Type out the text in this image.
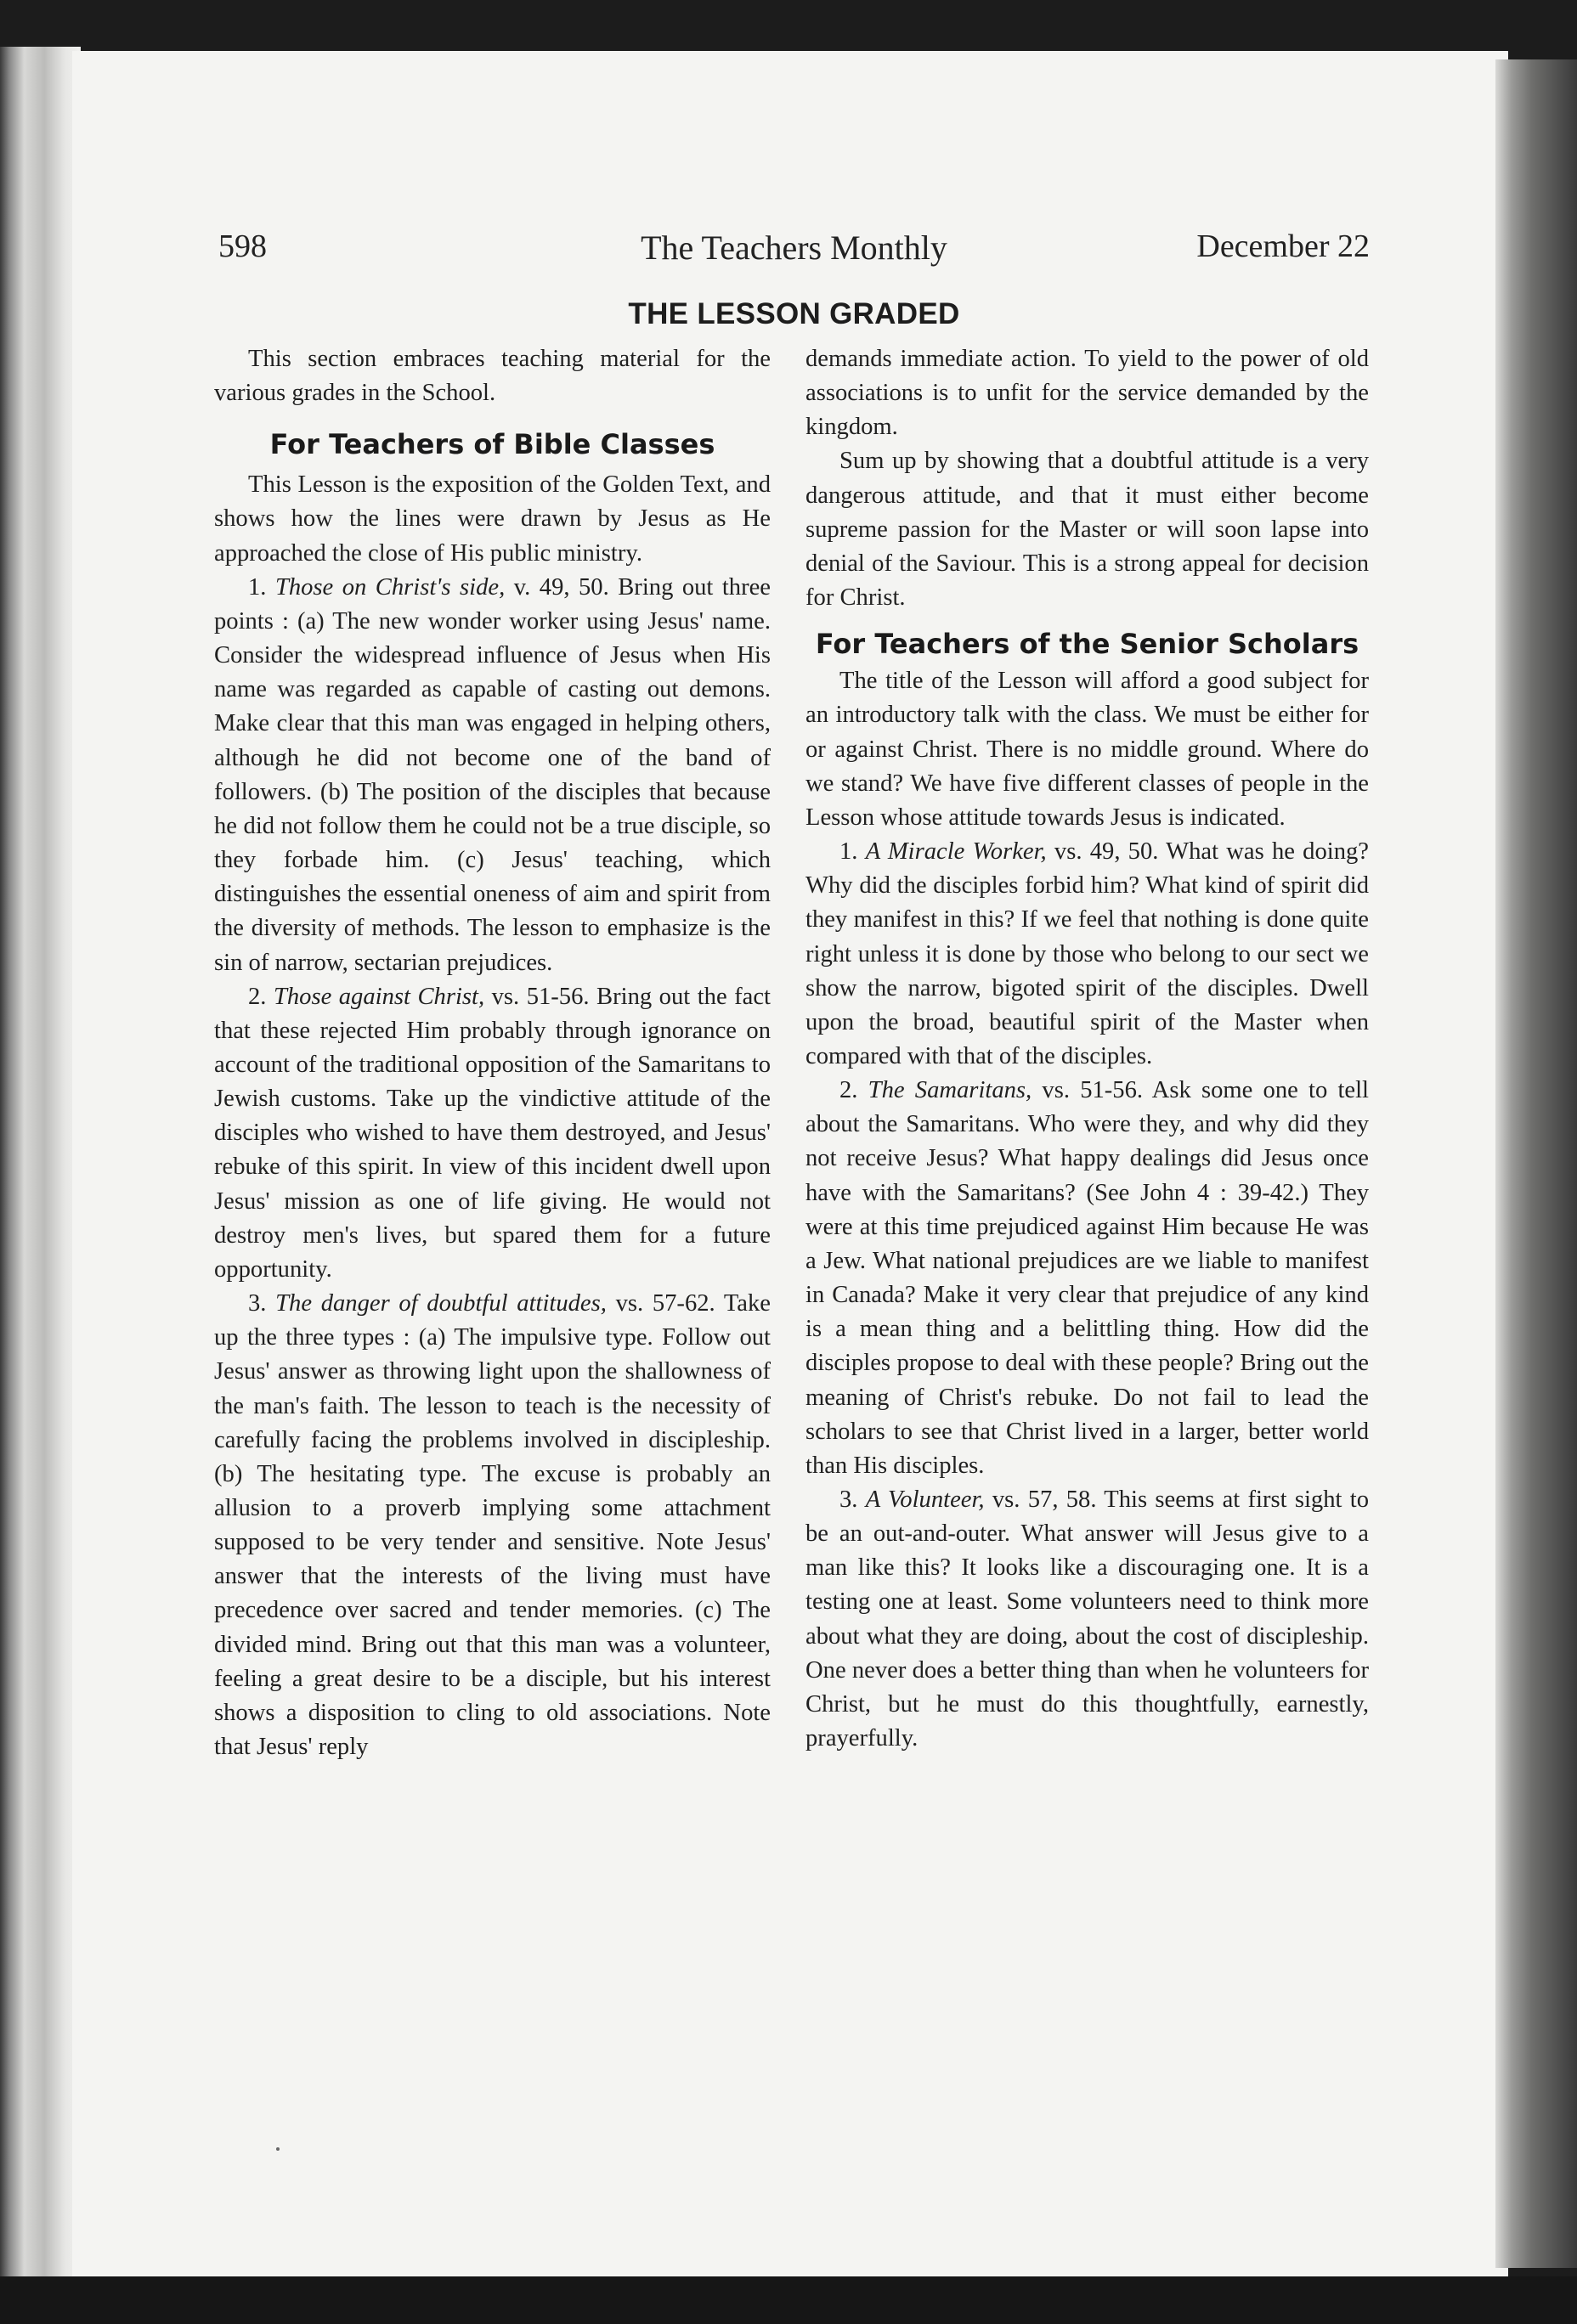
598	The Teachers Monthly	December 22
THE LESSON GRADED

This section embraces teaching material for the various grades in the School.

For Teachers of Bible Classes

This Lesson is the exposition of the Golden Text, and shows how the lines were drawn by Jesus as He approached the close of His public ministry.

1. Those on Christ's side, v. 49, 50. Bring out three points : (a) The new wonder worker using Jesus' name. Consider the widespread influence of Jesus when His name was regarded as capable of casting out demons. Make clear that this man was engaged in helping others, although he did not become one of the band of followers. (b) The position of the disciples that because he did not follow them he could not be a true disciple, so they forbade him. (c) Jesus' teaching, which distinguishes the essential oneness of aim and spirit from the diversity of methods. The lesson to emphasize is the sin of narrow, sectarian prejudices.

2. Those against Christ, vs. 51-56. Bring out the fact that these rejected Him probably through ignorance on account of the traditional opposition of the Samaritans to Jewish customs. Take up the vindictive attitude of the disciples who wished to have them destroyed, and Jesus' rebuke of this spirit. In view of this incident dwell upon Jesus' mission as one of life giving. He would not destroy men's lives, but spared them for a future opportunity.

3. The danger of doubtful attitudes, vs. 57-62. Take up the three types : (a) The impulsive type. Follow out Jesus' answer as throwing light upon the shallowness of the man's faith. The lesson to teach is the necessity of carefully facing the problems involved in discipleship. (b) The hesitating type. The excuse is probably an allusion to a proverb implying some attachment supposed to be very tender and sensitive. Note Jesus' answer that the interests of the living must have precedence over sacred and tender memories. (c) The divided mind. Bring out that this man was a volunteer, feeling a great desire to be a disciple, but his interest shows a disposition to cling to old associations. Note that Jesus' reply

demands immediate action. To yield to the power of old associations is to unfit for the service demanded by the kingdom.

Sum up by showing that a doubtful attitude is a very dangerous attitude, and that it must either become supreme passion for the Master or will soon lapse into denial of the Saviour. This is a strong appeal for decision for Christ.

For Teachers of the Senior Scholars

The title of the Lesson will afford a good subject for an introductory talk with the class. We must be either for or against Christ. There is no middle ground. Where do we stand? We have five different classes of people in the Lesson whose attitude towards Jesus is indicated.

1. A Miracle Worker, vs. 49, 50. What was he doing? Why did the disciples forbid him? What kind of spirit did they manifest in this? If we feel that nothing is done quite right unless it is done by those who belong to our sect we show the narrow, bigoted spirit of the disciples. Dwell upon the broad, beautiful spirit of the Master when compared with that of the disciples.

2. The Samaritans, vs. 51-56. Ask some one to tell about the Samaritans. Who were they, and why did they not receive Jesus? What happy dealings did Jesus once have with the Samaritans? (See John 4 : 39-42.) They were at this time prejudiced against Him because He was a Jew. What national prejudices are we liable to manifest in Canada? Make it very clear that prejudice of any kind is a mean thing and a belittling thing. How did the disciples propose to deal with these people? Bring out the meaning of Christ's rebuke. Do not fail to lead the scholars to see that Christ lived in a larger, better world than His disciples.

3. A Volunteer, vs. 57, 58. This seems at first sight to be an out-and-outer. What answer will Jesus give to a man like this? It looks like a discouraging one. It is a testing one at least. Some volunteers need to think more about what they are doing, about the cost of discipleship. One never does a better thing than when he volunteers for Christ, but he must do this thoughtfully, earnestly, prayerfully.
